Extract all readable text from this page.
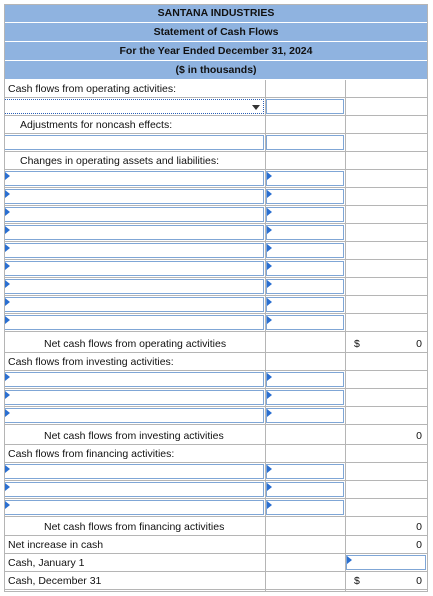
SANTANA INDUSTRIES
Statement of Cash Flows
For the Year Ended December 31, 2024
($ in thousands)
Cash flows from operating activities:
Adjustments for noncash effects:
Changes in operating assets and liabilities:
Net cash flows from operating activities	$	0
Cash flows from investing activities:
Net cash flows from investing activities	0
Cash flows from financing activities:
Net cash flows from financing activities	0
Net increase in cash	0
Cash, January 1
Cash, December 31	$	0
